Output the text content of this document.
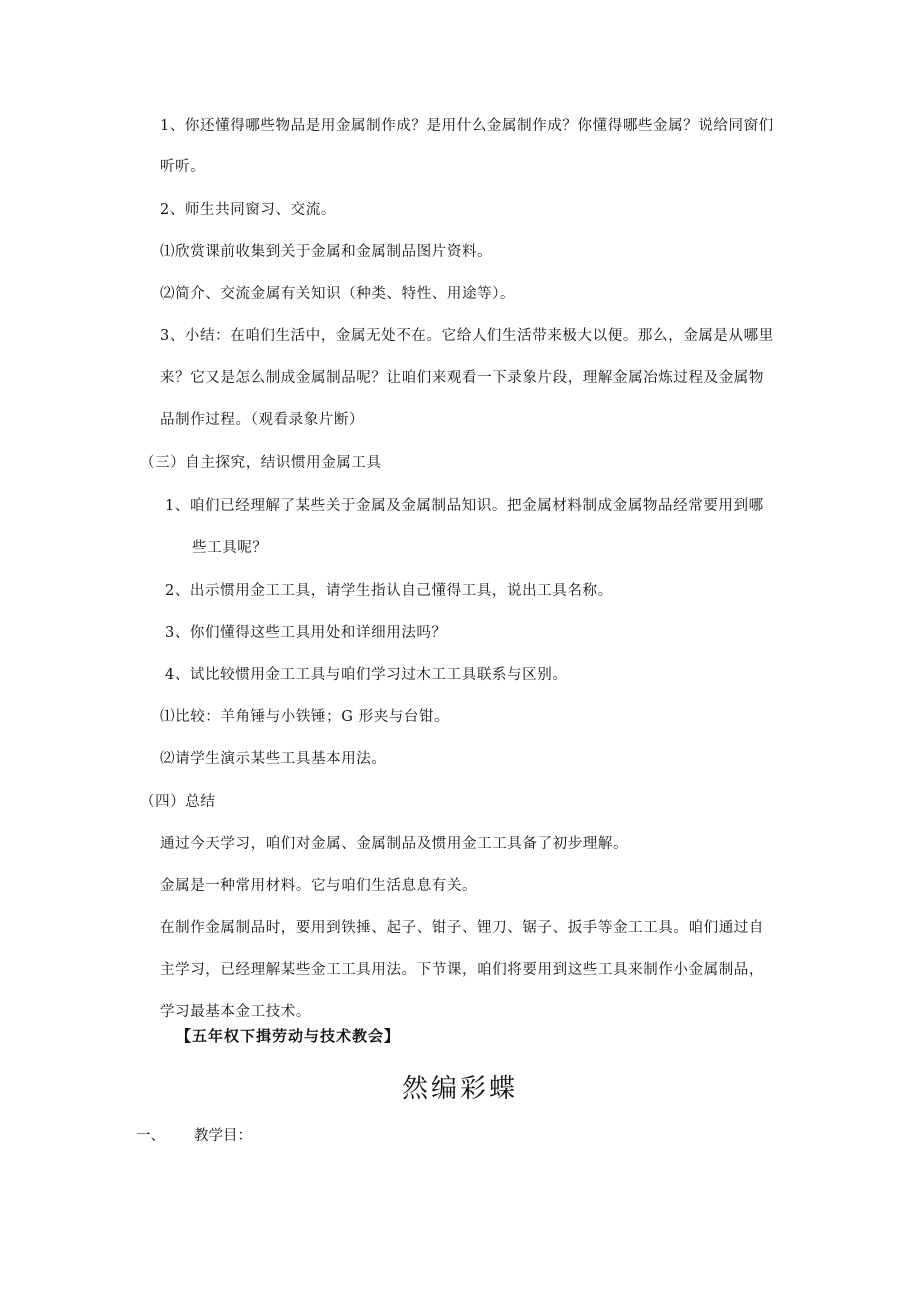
1、你还懂得哪些物品是用金属制作成？是用什么金属制作成？你懂得哪些金属？说给同窗们
听听。
2、师生共同窗习、交流。
⑴欣赏课前收集到关于金属和金属制品图片资料。
⑵简介、交流金属有关知识（种类、特性、用途等）。
3、小结：在咱们生活中，金属无处不在。它给人们生活带来极大以便。那么，金属是从哪里
来？它又是怎么制成金属制品呢？让咱们来观看一下录象片段，理解金属冶炼过程及金属物
品制作过程。（观看录象片断）
（三）自主探究，结识惯用金属工具
1、咱们已经理解了某些关于金属及金属制品知识。把金属材料制成金属物品经常要用到哪
些工具呢？
2、出示惯用金工工具，请学生指认自己懂得工具，说出工具名称。
3、你们懂得这些工具用处和详细用法吗？
4、试比较惯用金工工具与咱们学习过木工工具联系与区别。
⑴比较：羊角锤与小铁锤；G 形夹与台钳。
⑵请学生演示某些工具基本用法。
（四）总结
通过今天学习，咱们对金属、金属制品及惯用金工工具备了初步理解。
金属是一种常用材料。它与咱们生活息息有关。
在制作金属制品时，要用到铁捶、起子、钳子、锂刀、锯子、扳手等金工工具。咱们通过自
主学习，已经理解某些金工工具用法。下节课，咱们将要用到这些工具来制作小金属制品，
学习最基本金工技术。
【五年权下揖劳动与技术教会】
然编彩蝶
一、 教学目：
